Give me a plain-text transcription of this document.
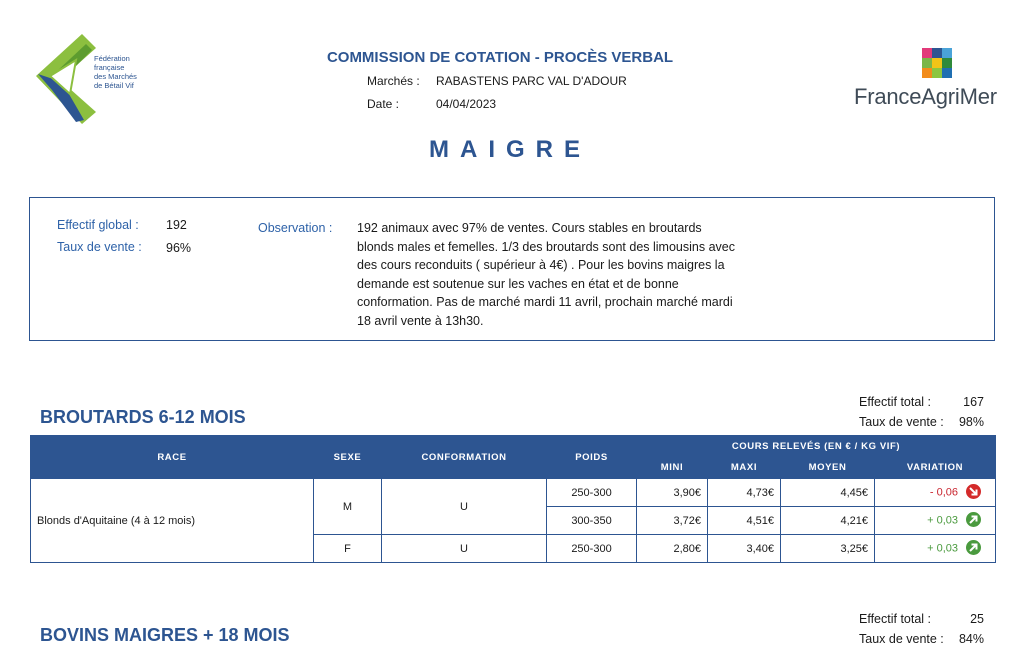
Fédération
française
des Marchés
de Bétail Vif	FranceAgriMer
COMMISSION DE COTATION - PROCÈS VERBAL
Marchés : RABASTENS PARC VAL D'ADOUR
Date :	04/04/2023
MAIGRE
Effectif global : 192
Taux de vente : 96%
Observation : 192 animaux avec 97% de ventes. Cours stables en broutards
blonds males et femelles. 1/3 des broutards sont des limousins avec
des cours reconduits ( supérieur à 4€) . Pour les bovins maigres la
demande est soutenue sur les vaches en état et de bonne
conformation. Pas de marché mardi 11 avril, prochain marché mardi
18 avril vente à 13h30.
BROUTARDS 6-12 MOIS
Effectif total :	167
Taux de vente :	98%
RACE	SEXE	CONFORMATION	POIDS	COURS RELEVÉS (EN € / KG VIF)			
				MINI	MAXI	MOYEN	VARIATION
Blonds d'Aquitaine (4 à 12 mois)	M	U	250-300	3,90€	4,73€	4,45€	- 0,06

			300-350	3,72€	4,51€	4,21€	+ 0,03

	F	U	250-300	2,80€	3,40€	3,25€	+ 0,03
BOVINS MAIGRES + 18 MOIS
Effectif total :	25
Taux de vente :	84%
